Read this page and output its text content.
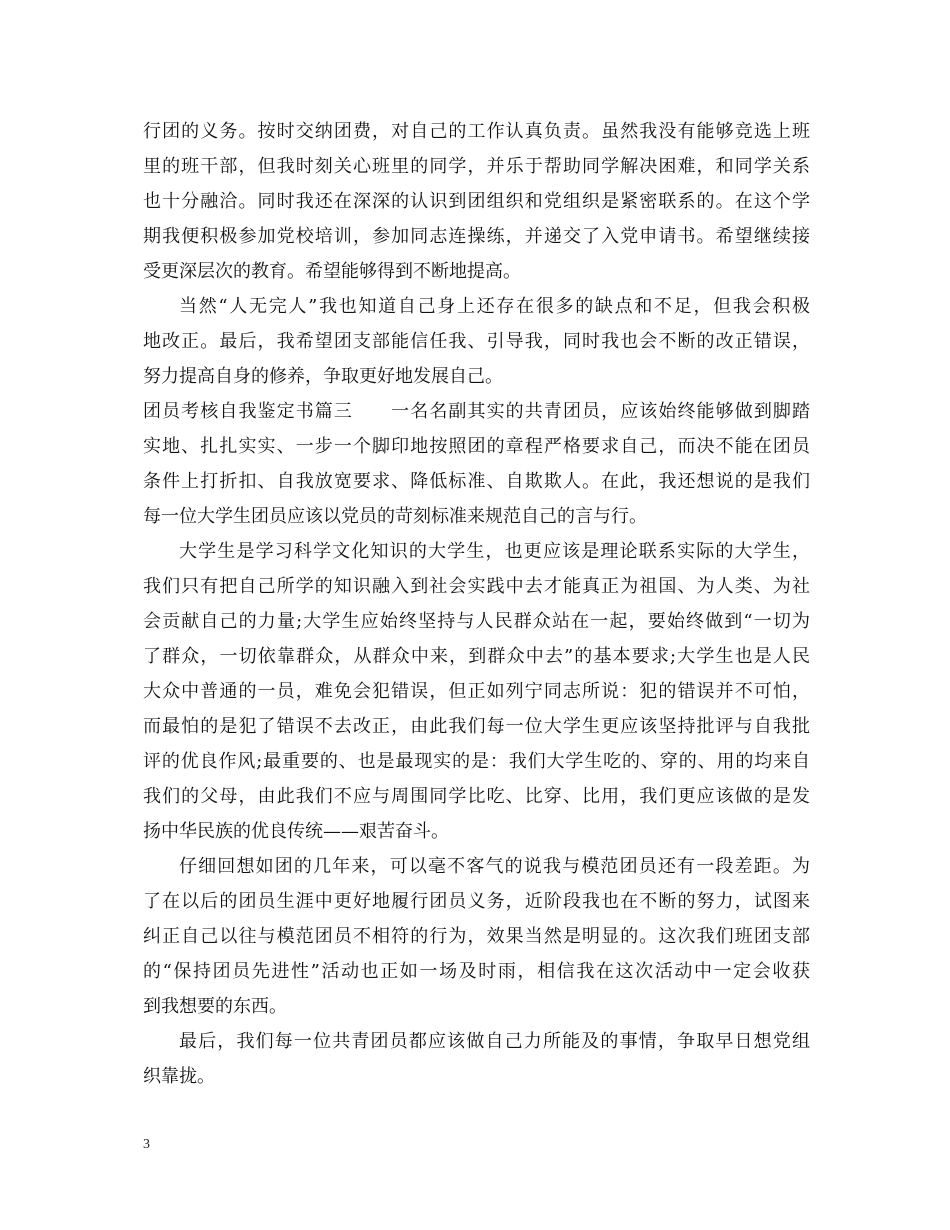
行团的义务。按时交纳团费，对自己的工作认真负责。虽然我没有能够竞选上班
里的班干部，但我时刻关心班里的同学，并乐于帮助同学解决困难，和同学关系
也十分融洽。同时我还在深深的认识到团组织和党组织是紧密联系的。在这个学
期我便积极参加党校培训，参加同志连操练，并递交了入党申请书。希望继续接
受更深层次的教育。希望能够得到不断地提高。
当然“人无完人”我也知道自己身上还存在很多的缺点和不足，但我会积极
地改正。最后，我希望团支部能信任我、引导我，同时我也会不断的改正错误，
努力提高自身的修养，争取更好地发展自己。
团员考核自我鉴定书篇三　　一名名副其实的共青团员，应该始终能够做到脚踏
实地、扎扎实实、一步一个脚印地按照团的章程严格要求自己，而决不能在团员
条件上打折扣、自我放宽要求、降低标准、自欺欺人。在此，我还想说的是我们
每一位大学生团员应该以党员的苛刻标准来规范自己的言与行。
大学生是学习科学文化知识的大学生，也更应该是理论联系实际的大学生，
我们只有把自己所学的知识融入到社会实践中去才能真正为祖国、为人类、为社
会贡献自己的力量;大学生应始终坚持与人民群众站在一起，要始终做到“一切为
了群众，一切依靠群众，从群众中来，到群众中去”的基本要求;大学生也是人民
大众中普通的一员，难免会犯错误，但正如列宁同志所说：犯的错误并不可怕，
而最怕的是犯了错误不去改正，由此我们每一位大学生更应该坚持批评与自我批
评的优良作风;最重要的、也是最现实的是：我们大学生吃的、穿的、用的均来自
我们的父母，由此我们不应与周围同学比吃、比穿、比用，我们更应该做的是发
扬中华民族的优良传统——艰苦奋斗。
仔细回想如团的几年来，可以毫不客气的说我与模范团员还有一段差距。为
了在以后的团员生涯中更好地履行团员义务，近阶段我也在不断的努力，试图来
纠正自己以往与模范团员不相符的行为，效果当然是明显的。这次我们班团支部
的“保持团员先进性”活动也正如一场及时雨，相信我在这次活动中一定会收获
到我想要的东西。
最后，我们每一位共青团员都应该做自己力所能及的事情，争取早日想党组
织靠拢。
3
